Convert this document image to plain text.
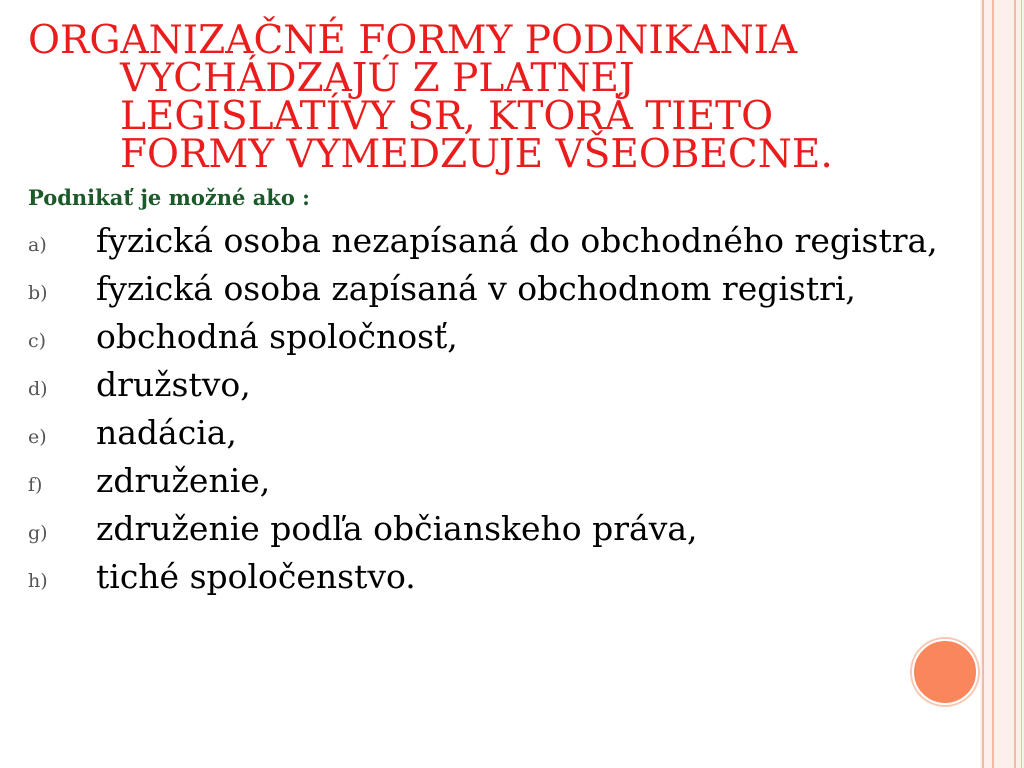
ORGANIZAČNÉ FORMY PODNIKANIA
VYCHÁDZAJÚ Z PLATNEJ
LEGISLATÍVY SR, KTORÁ TIETO
FORMY VYMEDZUJE VŠEOBECNE.
Podnikať je možné ako :
a) fyzická osoba nezapísaná do obchodného registra,
b) fyzická osoba zapísaná v obchodnom registri,
c) obchodná spoločnosť,
d) družstvo,
e) nadácia,
f) združenie,
g) združenie podľa občianskeho práva,
h) tiché spoločenstvo.
